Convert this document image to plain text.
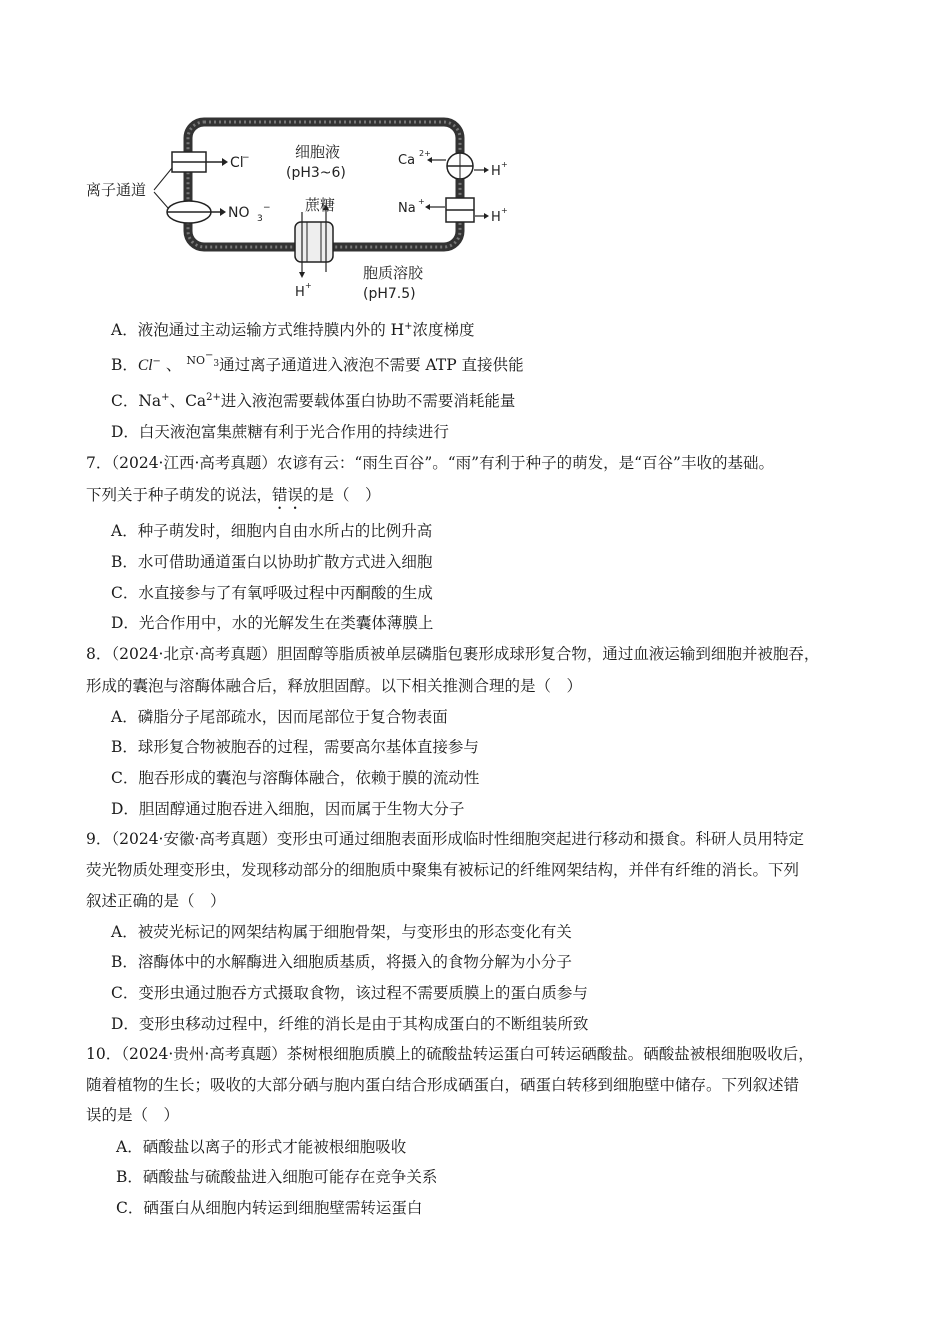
Cl
−
NO 3
−
离子通道
细胞液
(pH3~6)
Ca 2+
H +
Na +
H +
蔗糖
H +
胞质溶胶
(pH7.5)
A．液泡通过主动运输方式维持膜内外的 H+浓度梯度
B．Cl− 、 $NO^-_3$通过离子通道进入液泡不需要 ATP 直接供能
C．Na+、$Ca^{2+}$进入液泡需要载体蛋白协助不需要消耗能量
D．白天液泡富集蔗糖有利于光合作用的持续进行
7．（2024·江西·高考真题）农谚有云：“雨生百谷”。“雨”有利于种子的萌发，是“百谷”丰收的基础。
下列关于种子萌发的说法，错误的是（　）
A．种子萌发时，细胞内自由水所占的比例升高
B．水可借助通道蛋白以协助扩散方式进入细胞
C．水直接参与了有氧呼吸过程中丙酮酸的生成
D．光合作用中，水的光解发生在类囊体薄膜上
8．（2024·北京·高考真题）胆固醇等脂质被单层磷脂包裹形成球形复合物，通过血液运输到细胞并被胞吞，
形成的囊泡与溶酶体融合后，释放胆固醇。以下相关推测合理的是（　）
A．磷脂分子尾部疏水，因而尾部位于复合物表面
B．球形复合物被胞吞的过程，需要高尔基体直接参与
C．胞吞形成的囊泡与溶酶体融合，依赖于膜的流动性
D．胆固醇通过胞吞进入细胞，因而属于生物大分子
9．（2024·安徽·高考真题）变形虫可通过细胞表面形成临时性细胞突起进行移动和摄食。科研人员用特定
荧光物质处理变形虫，发现移动部分的细胞质中聚集有被标记的纤维网架结构，并伴有纤维的消长。下列
叙述正确的是（　）
A．被荧光标记的网架结构属于细胞骨架，与变形虫的形态变化有关
B．溶酶体中的水解酶进入细胞质基质，将摄入的食物分解为小分子
C．变形虫通过胞吞方式摄取食物，该过程不需要质膜上的蛋白质参与
D．变形虫移动过程中，纤维的消长是由于其构成蛋白的不断组装所致
10．（2024·贵州·高考真题）茶树根细胞质膜上的硫酸盐转运蛋白可转运硒酸盐。硒酸盐被根细胞吸收后，
随着植物的生长；吸收的大部分硒与胞内蛋白结合形成硒蛋白，硒蛋白转移到细胞壁中储存。下列叙述错
误的是（　）
A．硒酸盐以离子的形式才能被根细胞吸收
B．硒酸盐与硫酸盐进入细胞可能存在竞争关系
C．硒蛋白从细胞内转运到细胞壁需转运蛋白
